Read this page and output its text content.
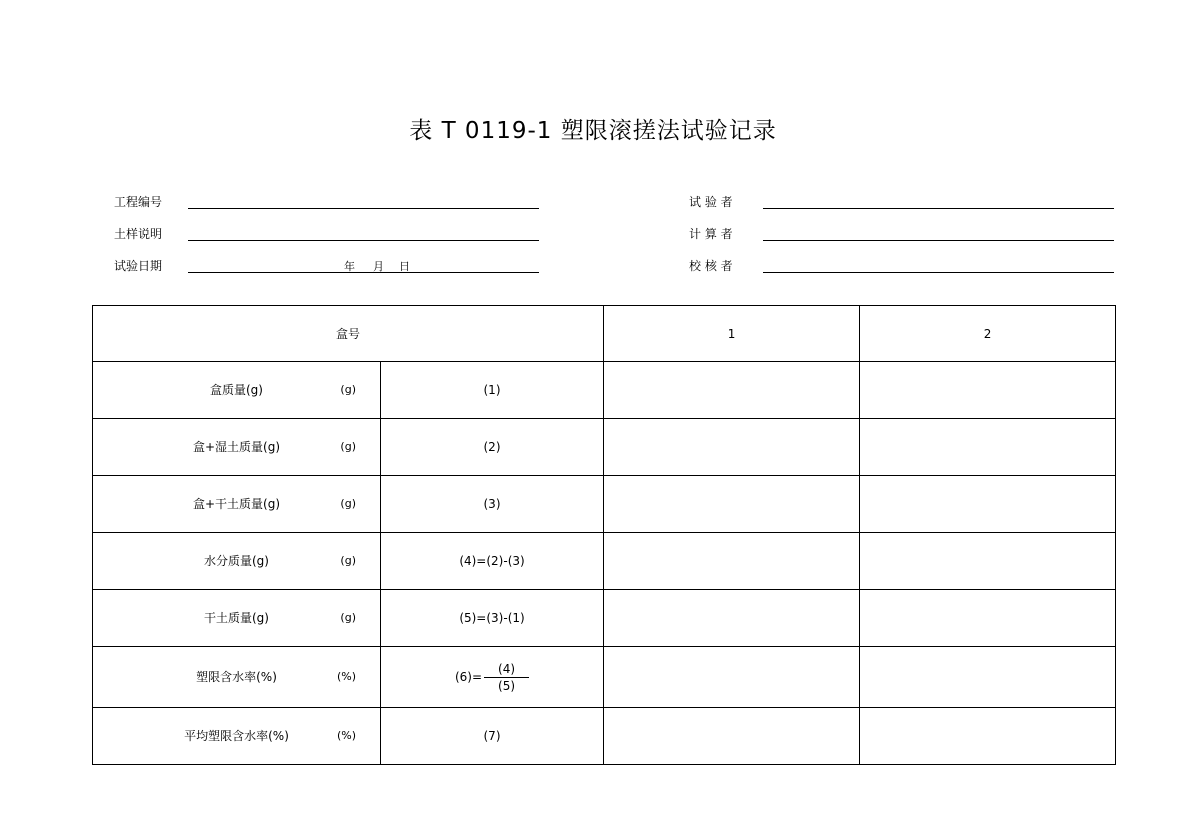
表 T 0119-1 塑限滚搓法试验记录
工程编号
土样说明
试验日期	年 月 日
试 验 者
计 算 者
校 核 者
盒号		1	2

盒质量(g) (g)	(1)		

盒+湿土质量(g) (g)	(2)		

盒+干土质量(g) (g)	(3)		

水分质量(g) (g)	(4)=(2)-(3)		

干土质量(g) (g)	(5)=(3)-(1)		

塑限含水率(%) (%)	$(6)= \frac{(4)}{(5)}$

平均塑限含水率(%) (%)	(7)		
